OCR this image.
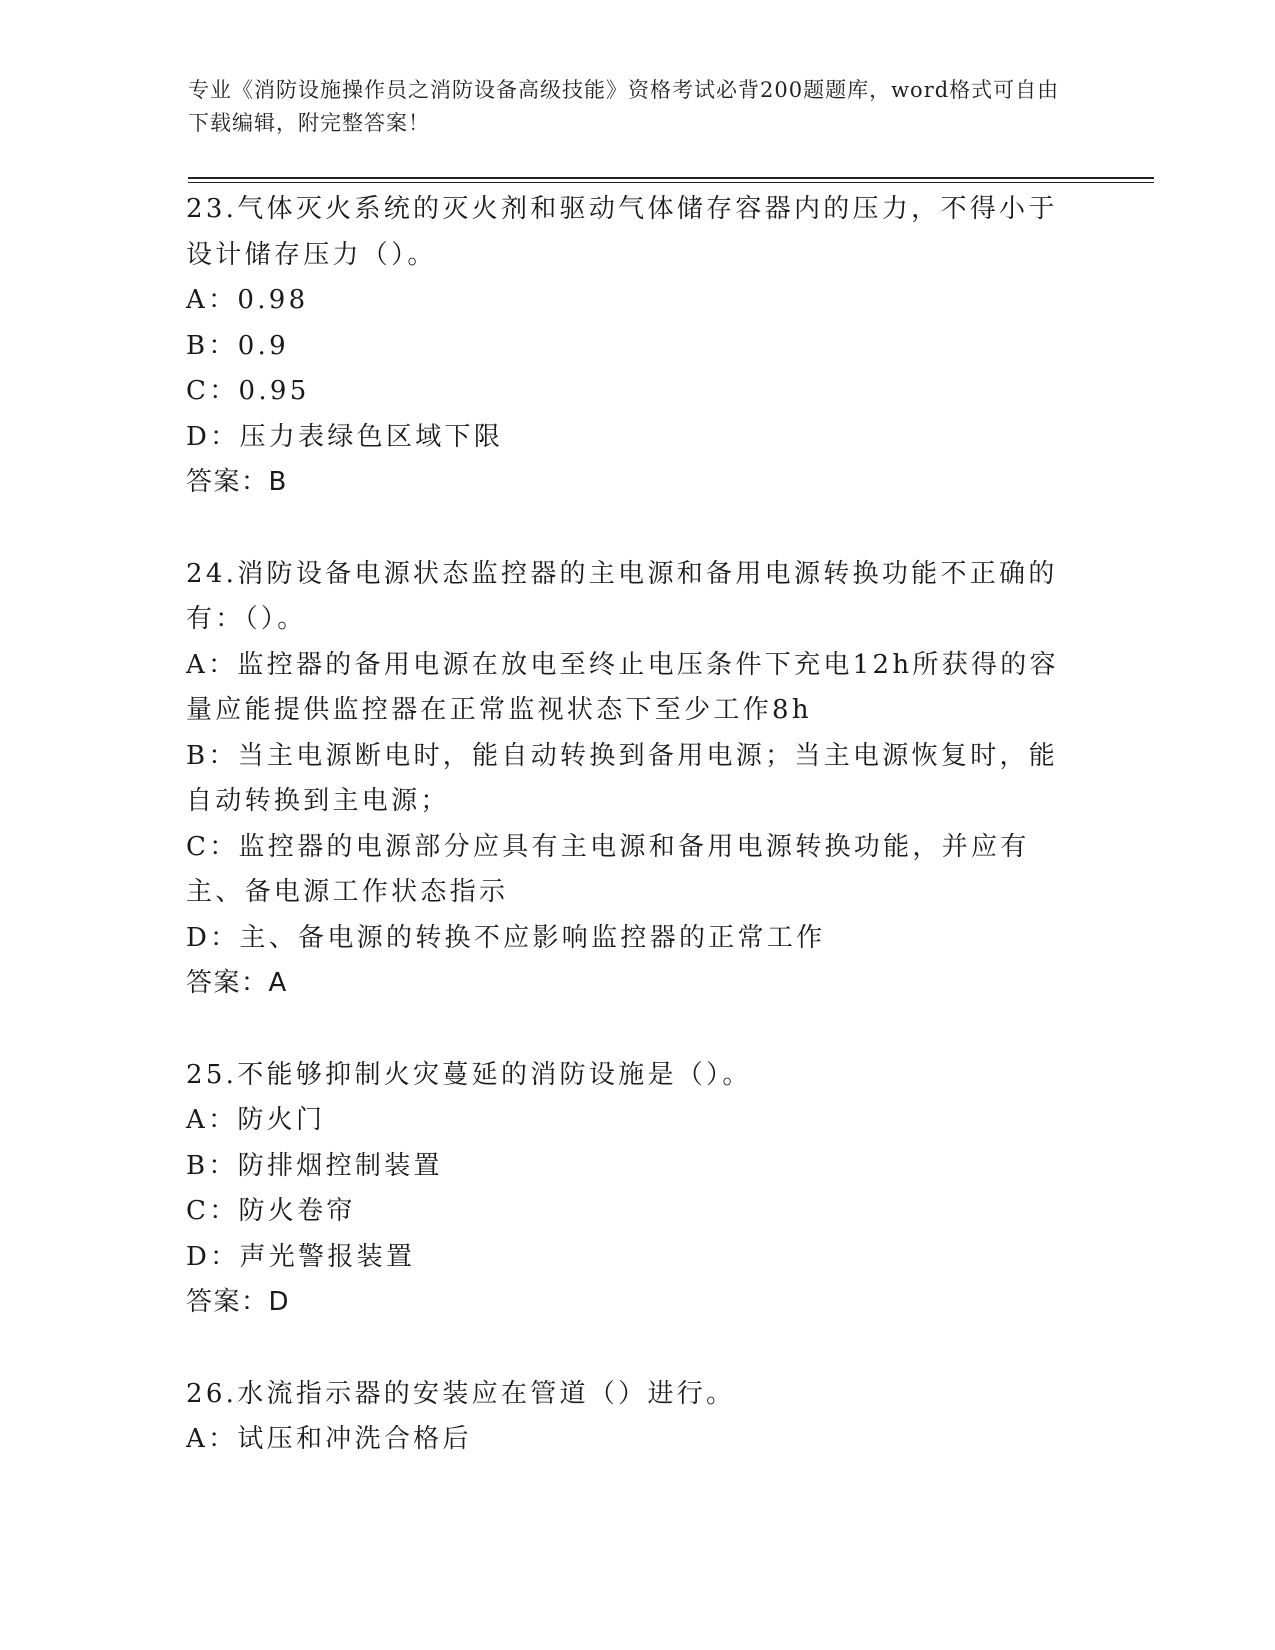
专业《消防设施操作员之消防设备高级技能》资格考试必背200题题库，word格式可自由下载编辑，附完整答案！
23.气体灭火系统的灭火剂和驱动气体储存容器内的压力，不得小于设计储存压力（）。
A：0.98
B：0.9
C：0.95
D：压力表绿色区域下限
答案：B
24.消防设备电源状态监控器的主电源和备用电源转换功能不正确的有：（）。
A：监控器的备用电源在放电至终止电压条件下充电12h所获得的容量应能提供监控器在正常监视状态下至少工作8h
B：当主电源断电时，能自动转换到备用电源；当主电源恢复时，能自动转换到主电源；
C：监控器的电源部分应具有主电源和备用电源转换功能，并应有主、备电源工作状态指示
D：主、备电源的转换不应影响监控器的正常工作
答案：A
25.不能够抑制火灾蔓延的消防设施是（）。
A：防火门
B：防排烟控制装置
C：防火卷帘
D：声光警报装置
答案：D
26.水流指示器的安装应在管道（）进行。
A：试压和冲洗合格后
